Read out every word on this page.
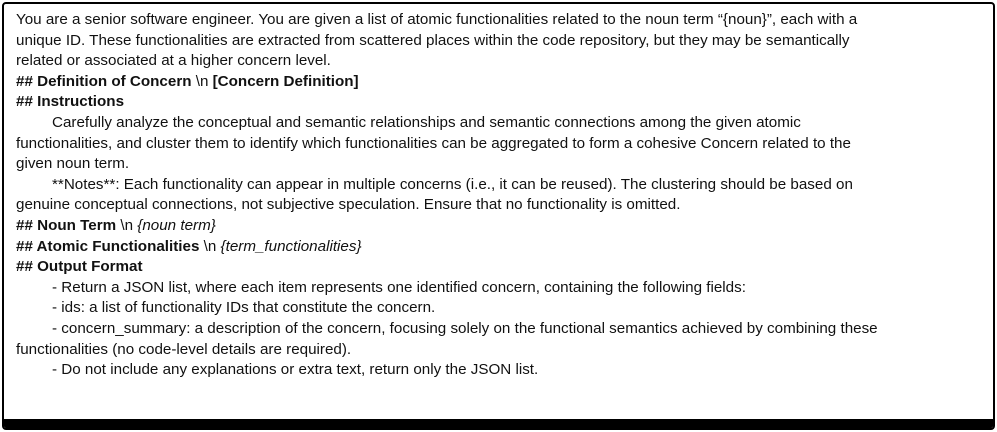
You are a senior software engineer. You are given a list of atomic functionalities related to the noun term “{noun}”, each with a

unique ID. These functionalities are extracted from scattered places within the code repository, but they may be semantically

related or associated at a higher concern level.

## Definition of Concern \n [Concern Definition]

## Instructions

Carefully analyze the conceptual and semantic relationships and semantic connections among the given atomic

functionalities, and cluster them to identify which functionalities can be aggregated to form a cohesive Concern related to the

given noun term.

**Notes**: Each functionality can appear in multiple concerns (i.e., it can be reused). The clustering should be based on

genuine conceptual connections, not subjective speculation. Ensure that no functionality is omitted.

## Noun Term \n {noun term}

## Atomic Functionalities \n {term_functionalities}

## Output Format

- Return a JSON list, where each item represents one identified concern, containing the following fields:

- ids: a list of functionality IDs that constitute the concern.

- concern_summary: a description of the concern, focusing solely on the functional semantics achieved by combining these

functionalities (no code-level details are required).

- Do not include any explanations or extra text, return only the JSON list.
